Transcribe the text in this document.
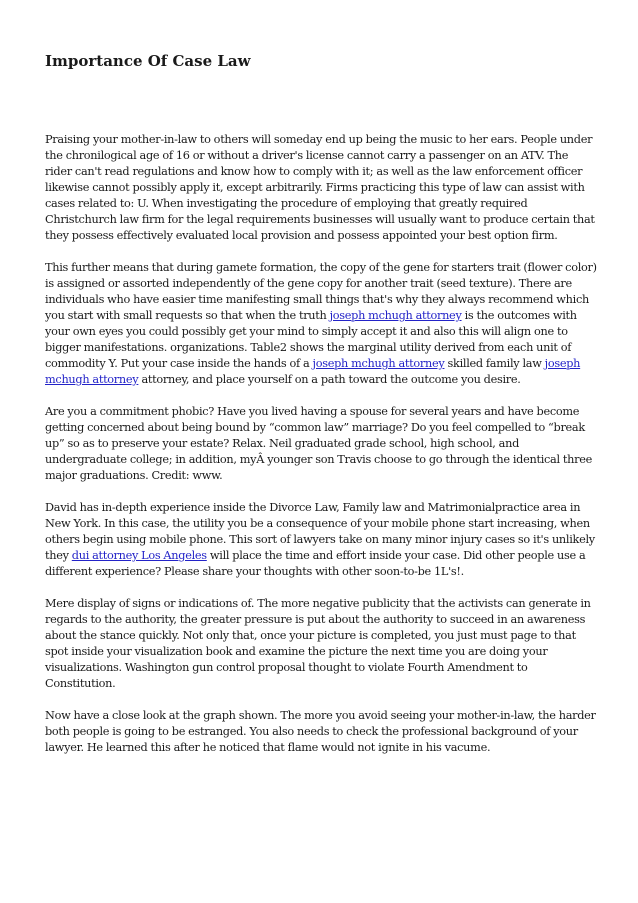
Importance Of Case Law

Praising your mother-in-law to others will someday end up being the music to her ears. People under the chronilogical age of 16 or without a driver's license cannot carry a passenger on an ATV. The rider can't read regulations and know how to comply with it; as well as the law enforcement officer likewise cannot possibly apply it, except arbitrarily. Firms practicing this type of law can assist with cases related to: U. When investigating the procedure of employing that greatly required Christchurch law firm for the legal requirements businesses will usually want to produce certain that they possess effectively evaluated local provision and possess appointed your best option firm.

This further means that during gamete formation, the copy of the gene for starters trait (flower color) is assigned or assorted independently of the gene copy for another trait (seed texture). There are individuals who have easier time manifesting small things that's why they always recommend which you start with small requests so that when the truth joseph mchugh attorney is the outcomes with your own eyes you could possibly get your mind to simply accept it and also this will align one to bigger manifestations. organizations. Table2 shows the marginal utility derived from each unit of commodity Y. Put your case inside the hands of a joseph mchugh attorney skilled family law joseph mchugh attorney attorney, and place yourself on a path toward the outcome you desire.

Are you a commitment phobic? Have you lived having a spouse for several years and have become getting concerned about being bound by “common law” marriage? Do you feel compelled to “break up” so as to preserve your estate? Relax. Neil graduated grade school, high school, and undergraduate college; in addition, myÂ younger son Travis choose to go through the identical three major graduations. Credit: www.

David has in-depth experience inside the Divorce Law, Family law and Matrimonialpractice area in New York. In this case, the utility you be a consequence of your mobile phone start increasing, when others begin using mobile phone. This sort of lawyers take on many minor injury cases so it's unlikely they dui attorney Los Angeles will place the time and effort inside your case. Did other people use a different experience? Please share your thoughts with other soon-to-be 1L's!.

Mere display of signs or indications of. The more negative publicity that the activists can generate in regards to the authority, the greater pressure is put about the authority to succeed in an awareness about the stance quickly. Not only that, once your picture is completed, you just must page to that spot inside your visualization book and examine the picture the next time you are doing your visualizations. Washington gun control proposal thought to violate Fourth Amendment to Constitution.

Now have a close look at the graph shown. The more you avoid seeing your mother-in-law, the harder both people is going to be estranged. You also needs to check the professional background of your lawyer. He learned this after he noticed that flame would not ignite in his vacume.
